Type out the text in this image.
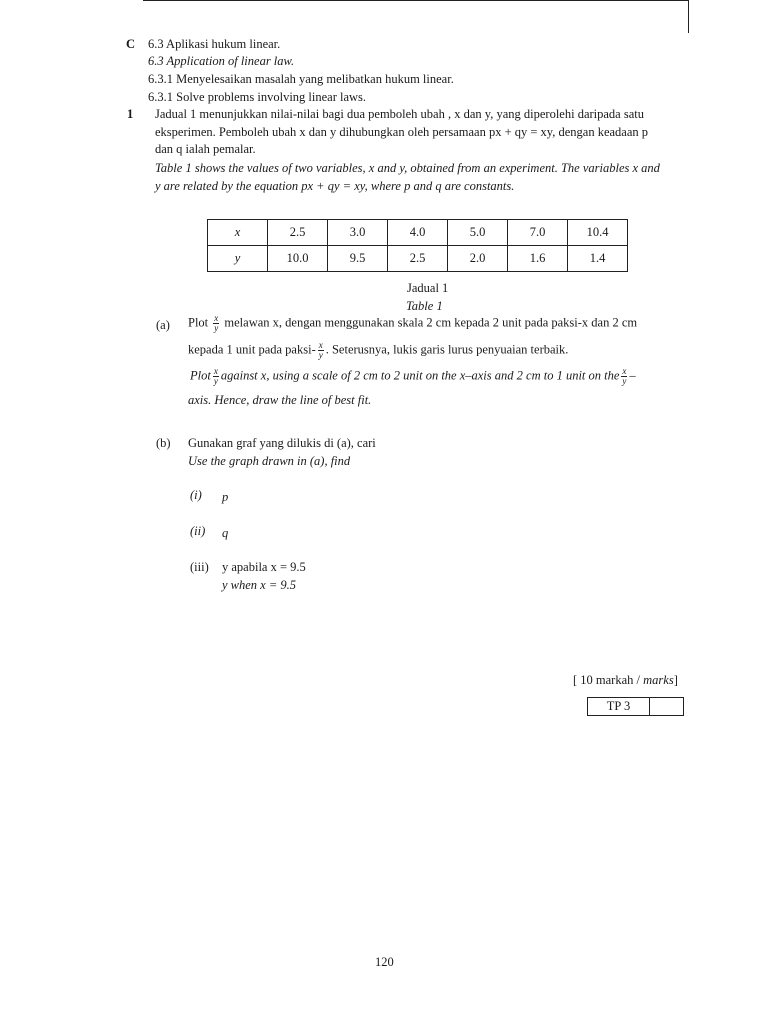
C 6.3 Aplikasi hukum linear.
6.3 Application of linear law.
6.3.1 Menyelesaikan masalah yang melibatkan hukum linear.
6.3.1 Solve problems involving linear laws.
1 Jadual 1 menunjukkan nilai-nilai bagi dua pemboleh ubah , x dan y, yang diperolehi daripada satu
eksperimen. Pemboleh ubah x dan y dihubungkan oleh persamaan px + qy = xy, dengan keadaan p
dan q ialah pemalar.
Table 1 shows the values of two variables, x and y, obtained from an experiment. The variables x and
y are related by the equation px + qy = xy, where p and q are constants.
x	2.5	3.0	4.0	5.0	7.0	10.4
y	10.0	9.5	2.5	2.0	1.6	1.4
Jadual 1
Table 1
(a) Plot $\frac{x}{y}$ melawan x, dengan menggunakan skala 2 cm kepada 2 unit pada paksi-x dan 2 cm
kepada 1 unit pada paksi- $\frac{x}{y}$ . Seterusnya, lukis garis lurus penyuaian terbaik.
Plot $\frac{x}{y}$ against x, using a scale of 2 cm to 2 unit on the x–axis and 2 cm to 1 unit on the $\frac{x}{y}$ –
axis. Hence, draw the line of best fit.
(b) Gunakan graf yang dilukis di (a), cari
Use the graph drawn in (a), find
(i) p
(ii) q
(iii) y apabila x = 9.5
y when x = 9.5
[ 10 markah / marks]
TP 3	
120
